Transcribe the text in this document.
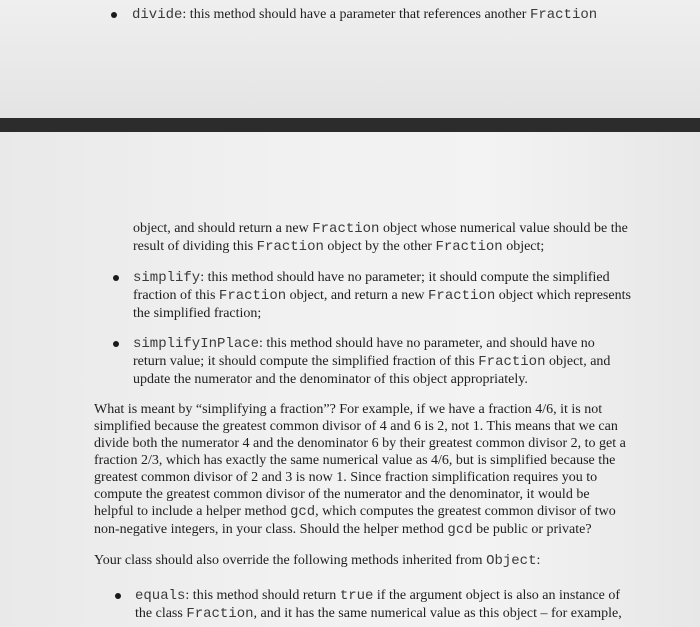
divide: this method should have a parameter that references another Fraction
object, and should return a new Fraction object whose numerical value should be the
result of dividing this Fraction object by the other Fraction object;
simplify: this method should have no parameter; it should compute the simplified
fraction of this Fraction object, and return a new Fraction object which represents
the simplified fraction;
simplifyInPlace: this method should have no parameter, and should have no
return value; it should compute the simplified fraction of this Fraction object, and
update the numerator and the denominator of this object appropriately.
What is meant by “simplifying a fraction”? For example, if we have a fraction 4/6, it is not
simplified because the greatest common divisor of 4 and 6 is 2, not 1. This means that we can
divide both the numerator 4 and the denominator 6 by their greatest common divisor 2, to get a
fraction 2/3, which has exactly the same numerical value as 4/6, but is simplified because the
greatest common divisor of 2 and 3 is now 1. Since fraction simplification requires you to
compute the greatest common divisor of the numerator and the denominator, it would be
helpful to include a helper method gcd, which computes the greatest common divisor of two
non-negative integers, in your class. Should the helper method gcd be public or private?
Your class should also override the following methods inherited from Object:
equals: this method should return true if the argument object is also an instance of
the class Fraction, and it has the same numerical value as this object – for example,
